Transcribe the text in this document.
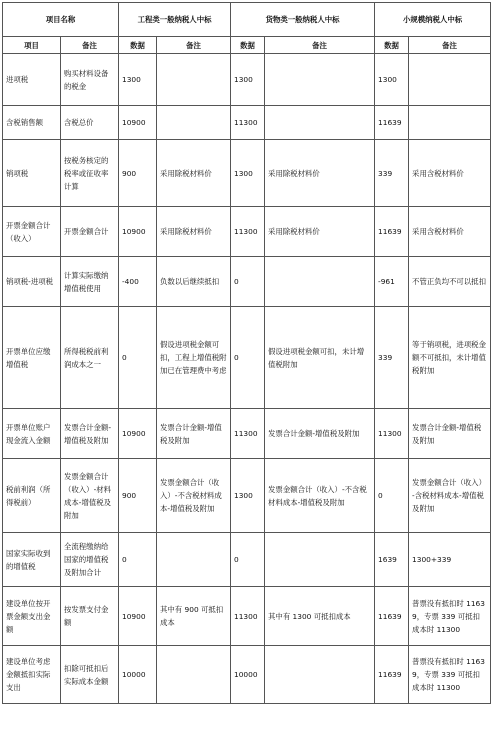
项目名称		工程类一般纳税人中标		货物类一般纳税人中标		小规模纳税人中标	
项目	备注	数据	备注	数据	备注	数据	备注
进项税	购买材料设备的税金	1300		1300		1300	
含税销售额	含税总价	10900		11300		11639	
销项税	按税务核定的税率或征收率计算	900	采用除税材料价	1300	采用除税材料价	339	采用含税材料价
开票金额合计（收入）	开票金额合计	10900	采用除税材料价	11300	采用除税材料价	11639	采用含税材料价
销项税-进项税	计算实际缴纳增值税使用	-400	负数以后继续抵扣	0		-961	不管正负均不可以抵扣
开票单位应缴增值税	所得税税前利润成本之一	0	假设进项税金额可扣，工程上增值税附加已在管理费中考虑	0	假设进项税金额可扣，未计增值税附加	339	等于销项税，进项税金额不可抵扣，未计增值税附加
开票单位账户现金流入金额	发票合计金额-增值税及附加	10900	发票合计金额-增值税及附加	11300	发票合计金额-增值税及附加	11300	发票合计金额-增值税及附加
税前利润（所得税前）	发票金额合计（收入）-材料成本-增值税及附加	900	发票金额合计（收入）-不含税材料成本-增值税及附加	1300	发票金额合计（收入）-不含税材料成本-增值税及附加	0	发票金额合计（收入）-含税材料成本-增值税及附加
国家实际收到的增值税	全流程缴纳给国家的增值税及附加合计	0		0		1639	1300+339
建设单位按开票金额支出金额	按发票支付金额	10900	其中有 900 可抵扣成本	11300	其中有 1300 可抵扣成本	11639	普票没有抵扣时 11639，专票 339 可抵扣成本时 11300
建设单位考虑金额抵扣实际支出	扣除可抵扣后实际成本金额	10000		10000		11639	普票没有抵扣时 11639，专票 339 可抵扣成本时 11300
